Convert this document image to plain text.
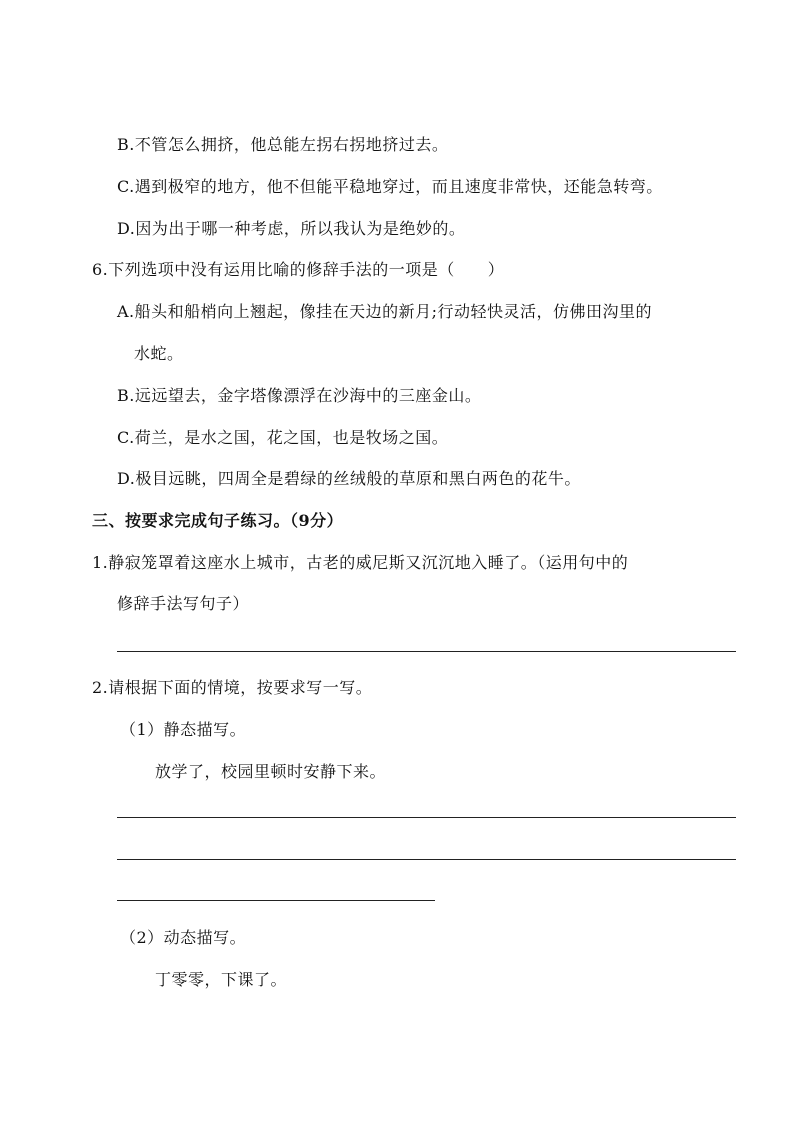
B.不管怎么拥挤，他总能左拐右拐地挤过去。
C.遇到极窄的地方，他不但能平稳地穿过，而且速度非常快，还能急转弯。
D.因为出于哪一种考虑，所以我认为是绝妙的。
6.下列选项中没有运用比喻的修辞手法的一项是（　　）
A.船头和船梢向上翘起，像挂在天边的新月;行动轻快灵活，仿佛田沟里的
水蛇。
B.远远望去，金字塔像漂浮在沙海中的三座金山。
C.荷兰，是水之国，花之国，也是牧场之国。
D.极目远眺，四周全是碧绿的丝绒般的草原和黑白两色的花牛。
三、按要求完成句子练习。（9分）
1.静寂笼罩着这座水上城市，古老的威尼斯又沉沉地入睡了。（运用句中的
修辞手法写句子）
2.请根据下面的情境，按要求写一写。
（1）静态描写。
放学了，校园里顿时安静下来。
（2）动态描写。
丁零零，下课了。
